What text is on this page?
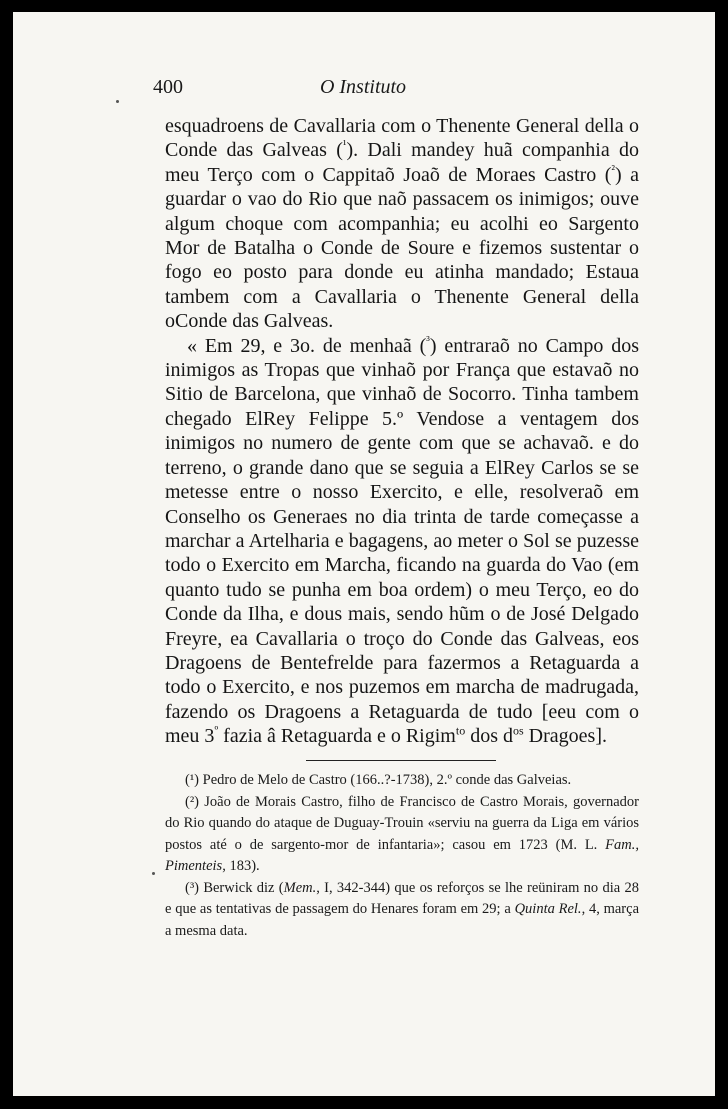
400	O Instituto

esquadroens de Cavallaria com o Thenente General della o Conde das Galveas ($^{^1}$). Dali mandey huã companhia do meu Terço com o Cappitaõ Joaõ de Moraes Castro ($^{^2}$) a guardar o vao do Rio que naõ passacem os inimigos; ouve algum choque com acompanhia; eu acolhi eo Sargento Mor de Batalha o Conde de Soure e fizemos sustentar o fogo eo posto para donde eu atinha mandado; Estaua tambem com a Cavallaria o Thenente General della oConde das Galveas.

« Em 29, e 3o. de menhaã ($^{^3}$) entraraõ no Campo dos inimigos as Tropas que vinhaõ por França que estavaõ no Sitio de Barcelona, que vinhaõ de Socorro. Tinha tambem chegado ElRey Felippe 5.º Vendose a ventagem dos inimigos no numero de gente com que se achavaõ. e do terreno, o grande dano que se seguia a ElRey Carlos se se metesse entre o nosso Exercito, e elle, resolveraõ em Conselho os Generaes no dia trinta de tarde começasse a marchar a Artelharia e bagagens, ao meter o Sol se puzesse todo o Exercito em Marcha, ficando na guarda do Vao (em quanto tudo se punha em boa ordem) o meu Terço, eo do Conde da Ilha, e dous mais, sendo hũm o de José Delgado Freyre, ea Cavallaria o troço do Conde das Galveas, eos Dragoens de Bentefrelde para fazermos a Retaguarda a todo o Exercito, e nos puzemos em marcha de madrugada, fazendo os Dragoens a Retaguarda de tudo [eeu com o meu $3^º$ fazia â Retaguarda e o Rigim$^{to}$ dos $d^{os}$ Dragoes].

(¹) Pedro de Melo de Castro (166..?-1738), 2.º conde das Galveias.

(²) João de Morais Castro, filho de Francisco de Castro Morais, governador do Rio quando do ataque de Duguay-Trouin «serviu na guerra da Liga em vários postos até o de sargento-mor de infantaria»; casou em 1723 (M. L. Fam., Pimenteis, 183).

(³) Berwick diz (Mem., I, 342-344) que os reforços se lhe reüniram no dia 28 e que as tentativas de passagem do Henares foram em 29; a Quinta Rel., 4, marça a mesma data.
